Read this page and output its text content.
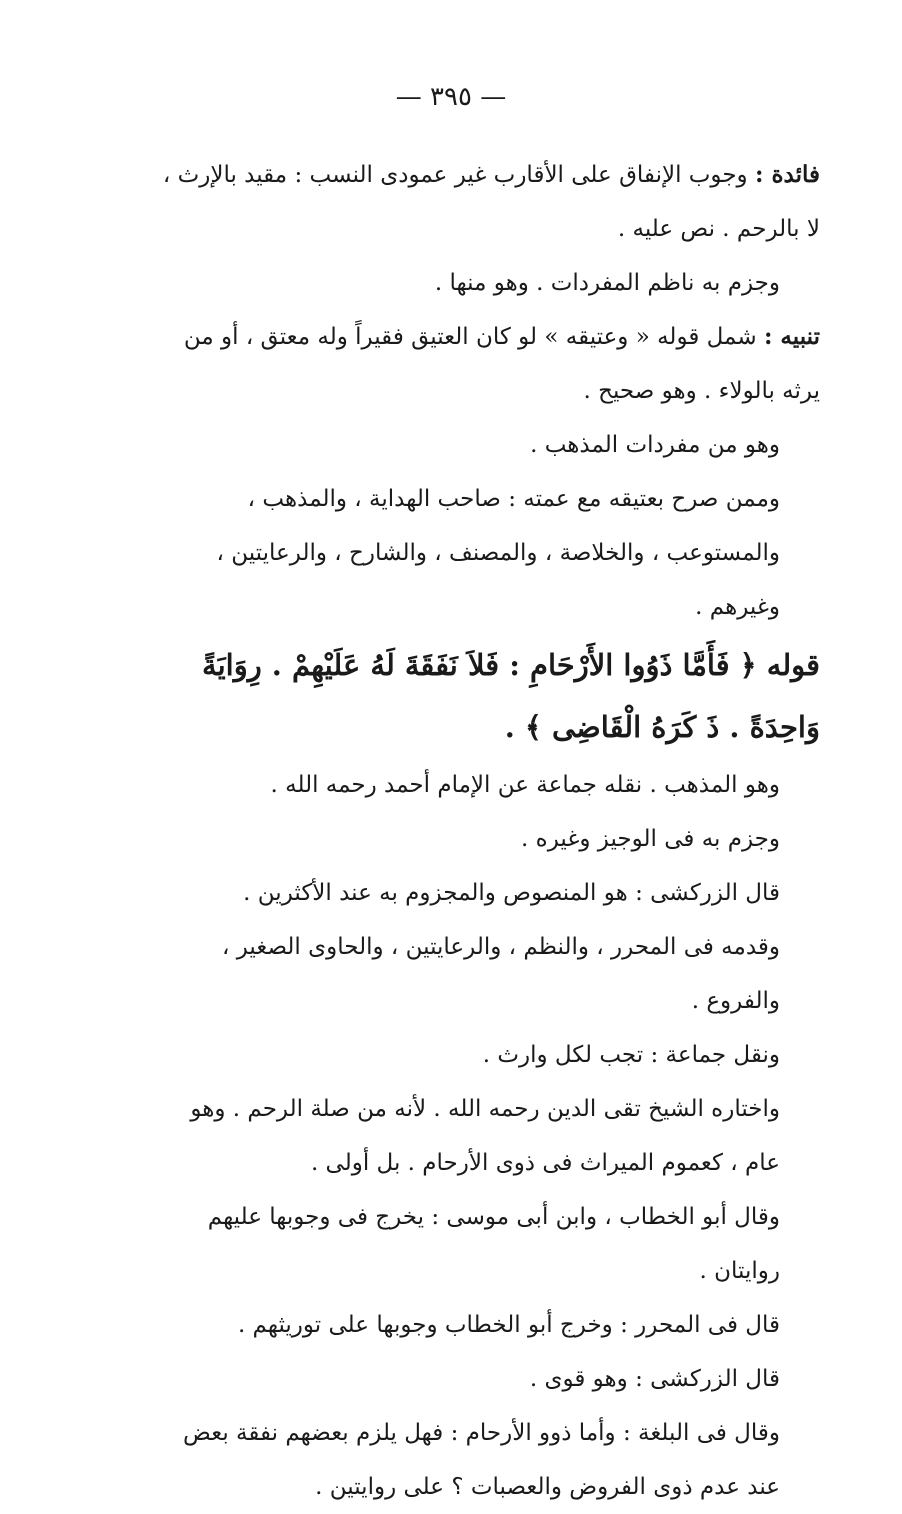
— ٣٩٥ —

فائدة : وجوب الإنفاق على الأقارب غير عمودى النسب : مقيد بالإرث ، لا بالرحم . نص عليه .

وجزم به ناظم المفردات . وهو منها .

تنبيه : شمل قوله « وعتيقه » لو كان العتيق فقيراً وله معتق ، أو من يرثه بالولاء . وهو صحيح .

وهو من مفردات المذهب .

وممن صرح بعتيقه مع عمته : صاحب الهداية ، والمذهب ، والمستوعب ، والخلاصة ، والمصنف ، والشارح ، والرعايتين ، وغيرهم .

قوله ﴿ فَأَمَّا ذَوُوا الأَرْحَامِ : فَلاَ نَفَقَةَ لَهُ عَلَيْهِمْ . رِوَايَةً وَاحِدَةً . ذَ كَرَهُ الْقَاضِى ﴾ .

وهو المذهب . نقله جماعة عن الإمام أحمد رحمه الله .

وجزم به فى الوجيز وغيره .

قال الزركشى : هو المنصوص والمجزوم به عند الأكثرين .

وقدمه فى المحرر ، والنظم ، والرعايتين ، والحاوى الصغير ، والفروع .

ونقل جماعة : تجب لكل وارث .

واختاره الشيخ تقى الدين رحمه الله . لأنه من صلة الرحم . وهو عام ، كعموم الميراث فى ذوى الأرحام . بل أولى .

وقال أبو الخطاب ، وابن أبى موسى : يخرج فى وجوبها عليهم روايتان .

قال فى المحرر : وخرج أبو الخطاب وجوبها على توريثهم .

قال الزركشى : وهو قوى .

وقال فى البلغة : وأما ذوو الأرحام : فهل يلزم بعضهم نفقة بعض عند عدم ذوى الفروض والعصبات ؟ على روايتين .
